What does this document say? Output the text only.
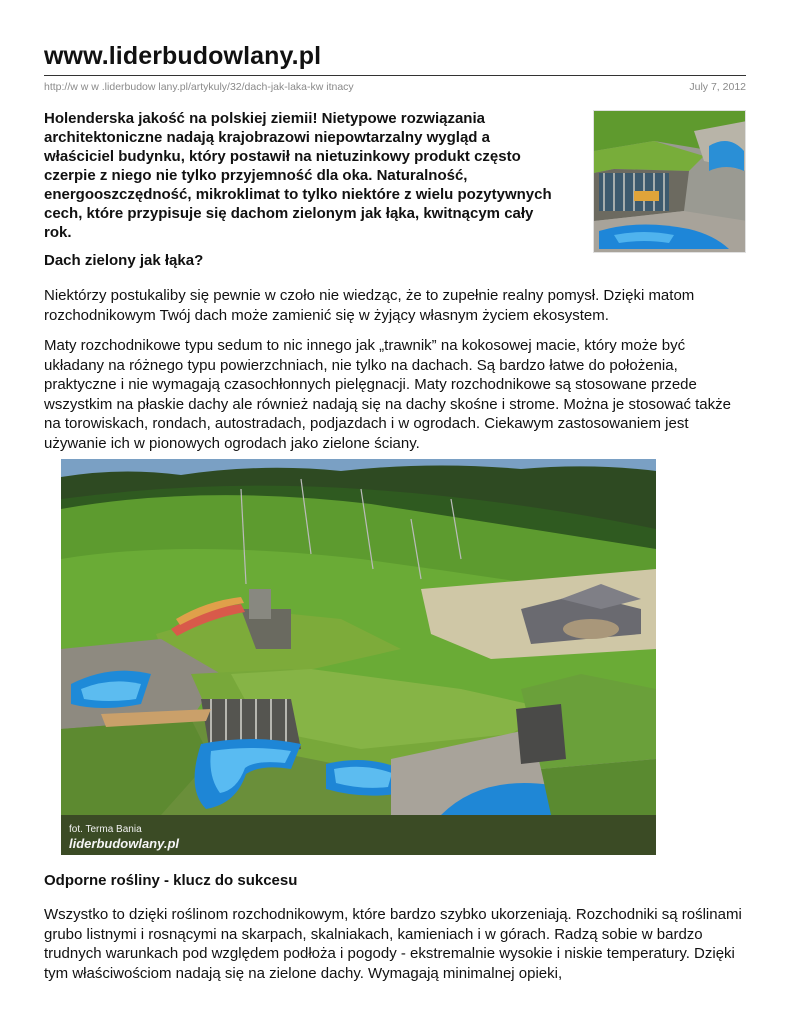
www.liderbudowlany.pl
http://w w w .liderbudow lany.pl/artykuly/32/dach-jak-laka-kw itnacy	July 7, 2012
Holenderska jakość na polskiej ziemii! Nietypowe rozwiązania architektoniczne nadają krajobrazowi niepowtarzalny wygląd a właściciel budynku, który postawił na nietuzinkowy produkt często czerpie z niego nie tylko przyjemność dla oka. Naturalność, energooszczędność, mikroklimat to tylko niektóre z wielu pozytywnych cech, które przypisuje się dachom zielonym jak łąka, kwitnącym cały rok.
Dach zielony jak łąka?
Niektórzy postukaliby się pewnie w czoło nie wiedząc, że to zupełnie realny pomysł. Dzięki matom rozchodnikowym Twój dach może zamienić się w żyjący własnym życiem ekosystem.
Maty rozchodnikowe typu sedum to nic innego jak „trawnik” na kokosowej macie, który może być układany na różnego typu powierzchniach, nie tylko na dachach. Są bardzo łatwe do położenia, praktyczne i nie wymagają czasochłonnych pielęgnacji. Maty rozchodnikowe są stosowane przede wszystkim na płaskie dachy ale również nadają się na dachy skośne i strome. Można je stosować także na torowiskach, rondach, autostradach, podjazdach i w ogrodach. Ciekawym zastosowaniem jest używanie ich w pionowych ogrodach jako zielone ściany.
fot. Terma Bania
liderbudowlany.pl
Odporne rośliny - klucz do sukcesu
Wszystko to dzięki roślinom rozchodnikowym, które bardzo szybko ukorzeniają. Rozchodniki są roślinami grubo listnymi i rosnącymi na skarpach, skalniakach, kamieniach i w górach. Radzą sobie w bardzo trudnych warunkach pod względem podłoża i pogody - ekstremalnie wysokie i niskie temperatury. Dzięki tym właściwościom nadają się na zielone dachy. Wymagają minimalnej opieki,
